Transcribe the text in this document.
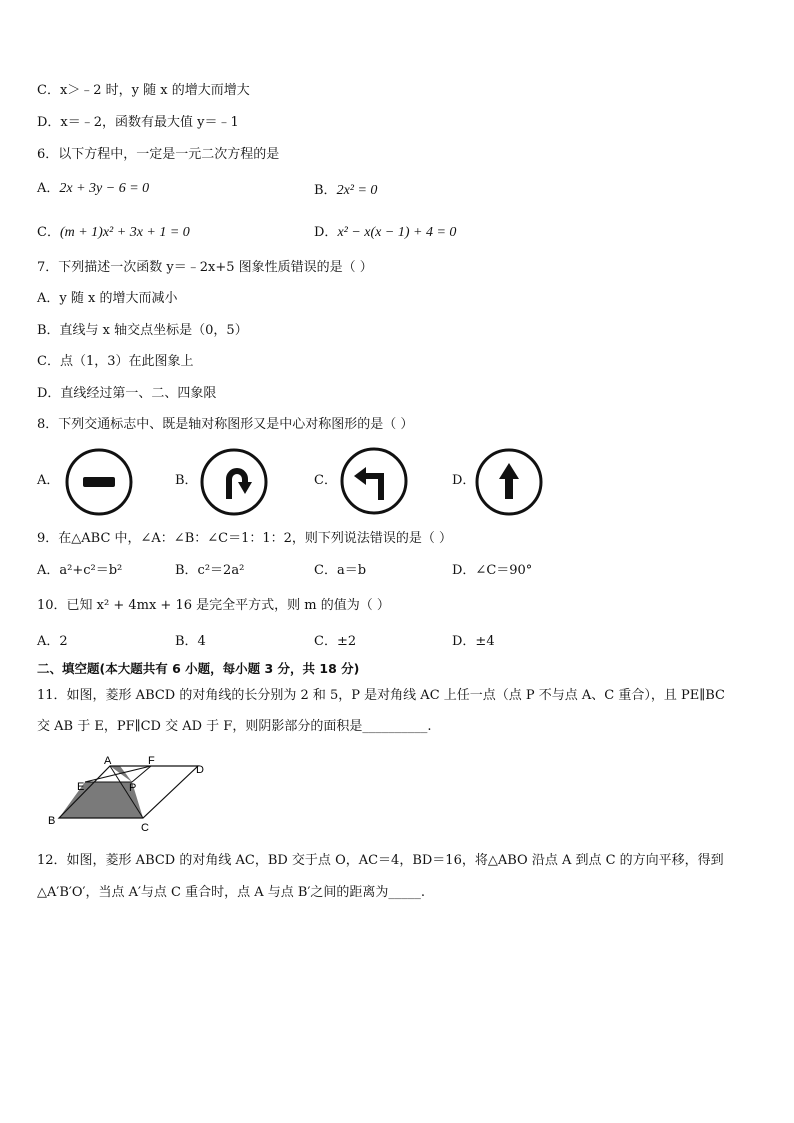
C．x＞﹣2 时，y 随 x 的增大而增大
D．x＝﹣2，函数有最大值 y＝﹣1
6．以下方程中，一定是一元二次方程的是
A．2x + 3y − 6 = 0	B．2x² = 0
C．(m + 1)x² + 3x + 1 = 0	D．x² − x(x − 1) + 4 = 0
7．下列描述一次函数 y＝﹣2x+5 图象性质错误的是（ ）
A．y 随 x 的增大而减小
B．直线与 x 轴交点坐标是（0，5）
C．点（1，3）在此图象上
D．直线经过第一、二、四象限
8．下列交通标志中、既是轴对称图形又是中心对称图形的是（ ）
A．	B．	C．	D．
9．在△ABC 中，∠A：∠B：∠C＝1：1：2，则下列说法错误的是（ ）
A．a²+c²＝b²	B．c²＝2a²	C．a＝b	D．∠C＝90°
10．已知 x² + 4mx + 16 是完全平方式，则 m 的值为（ ）
A．2	B．4	C．±2	D．±4
二、填空题(本大题共有 6 小题，每小题 3 分，共 18 分)
11．如图，菱形 ABCD 的对角线的长分别为 2 和 5，P 是对角线 AC 上任一点（点 P 不与点 A、C 重合），且 PE∥BC
交 AB 于 E，PF∥CD 交 AD 于 F，则阴影部分的面积是__________.
A	F
D
E	P
B
C
12．如图，菱形 ABCD 的对角线 AC，BD 交于点 O，AC＝4，BD＝16，将△ABO 沿点 A 到点 C 的方向平移，得到
△A′B′O′，当点 A′与点 C 重合时，点 A 与点 B′之间的距离为_____.
